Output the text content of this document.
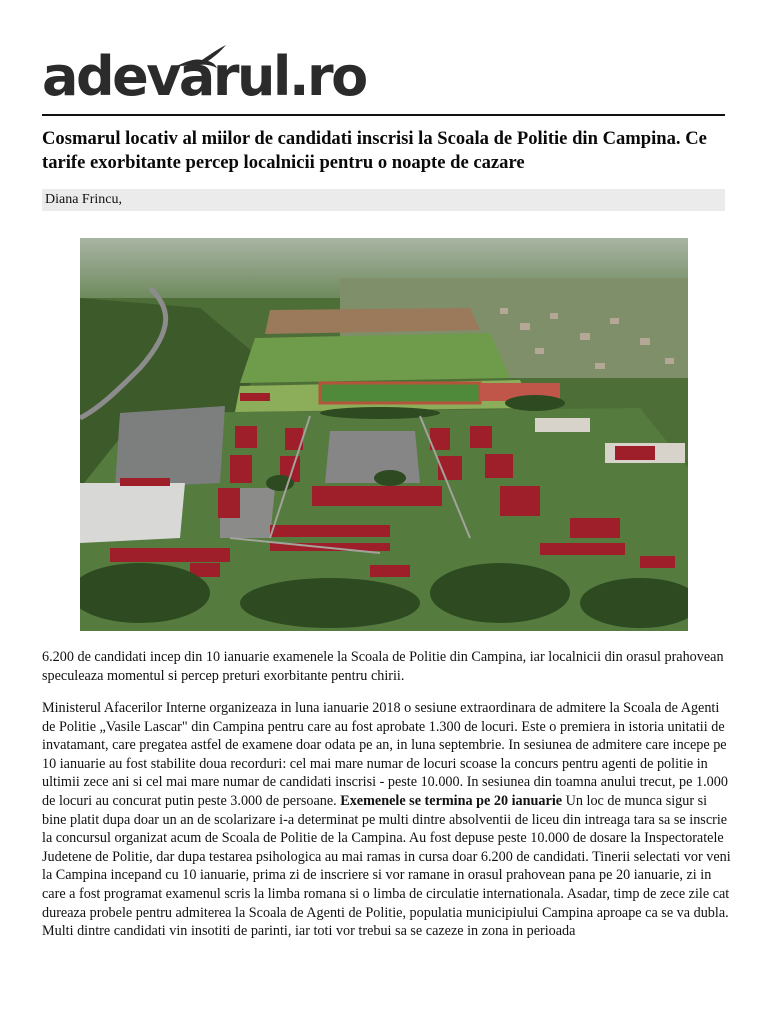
adevarul.ro
Cosmarul locativ al miilor de candidati inscrisi la Scoala de Politie din Campina. Ce tarife exorbitante percep localnicii pentru o noapte de cazare
Diana Frincu,

6.200 de candidati incep din 10 ianuarie examenele la Scoala de Politie din Campina, iar localnicii din orasul prahovean speculeaza momentul si percep preturi exorbitante pentru chirii.

Ministerul Afacerilor Interne organizeaza in luna ianuarie 2018 o sesiune extraordinara de admitere la Scoala de Agenti de Politie „Vasile Lascar" din Campina pentru care au fost aprobate 1.300 de locuri. Este o premiera in istoria unitatii de invatamant, care pregatea astfel de examene doar odata pe an, in luna septembrie. In sesiunea de admitere care incepe pe 10 ianuarie au fost stabilite doua recorduri: cel mai mare numar de locuri scoase la concurs pentru agenti de politie in ultimii zece ani si cel mai mare numar de candidati inscrisi - peste 10.000. In sesiunea din toamna anului trecut, pe 1.000 de locuri au concurat putin peste 3.000 de persoane. Exemenele se termina pe 20 ianuarie Un loc de munca sigur si bine platit dupa doar un an de scolarizare i-a determinat pe multi dintre absolventii de liceu din intreaga tara sa se inscrie la concursul organizat acum de Scoala de Politie de la Campina. Au fost depuse peste 10.000 de dosare la Inspectoratele Judetene de Politie, dar dupa testarea psihologica au mai ramas in cursa doar 6.200 de candidati. Tinerii selectati vor veni la Campina incepand cu 10 ianuarie, prima zi de inscriere si vor ramane in orasul prahovean pana pe 20 ianuarie, zi in care a fost programat examenul scris la limba romana si o limba de circulatie internationala. Asadar, timp de zece zile cat dureaza probele pentru admiterea la Scoala de Agenti de Politie, populatia municipiului Campina aproape ca se va dubla. Multi dintre candidati vin insotiti de parinti, iar toti vor trebui sa se cazeze in zona in perioada
